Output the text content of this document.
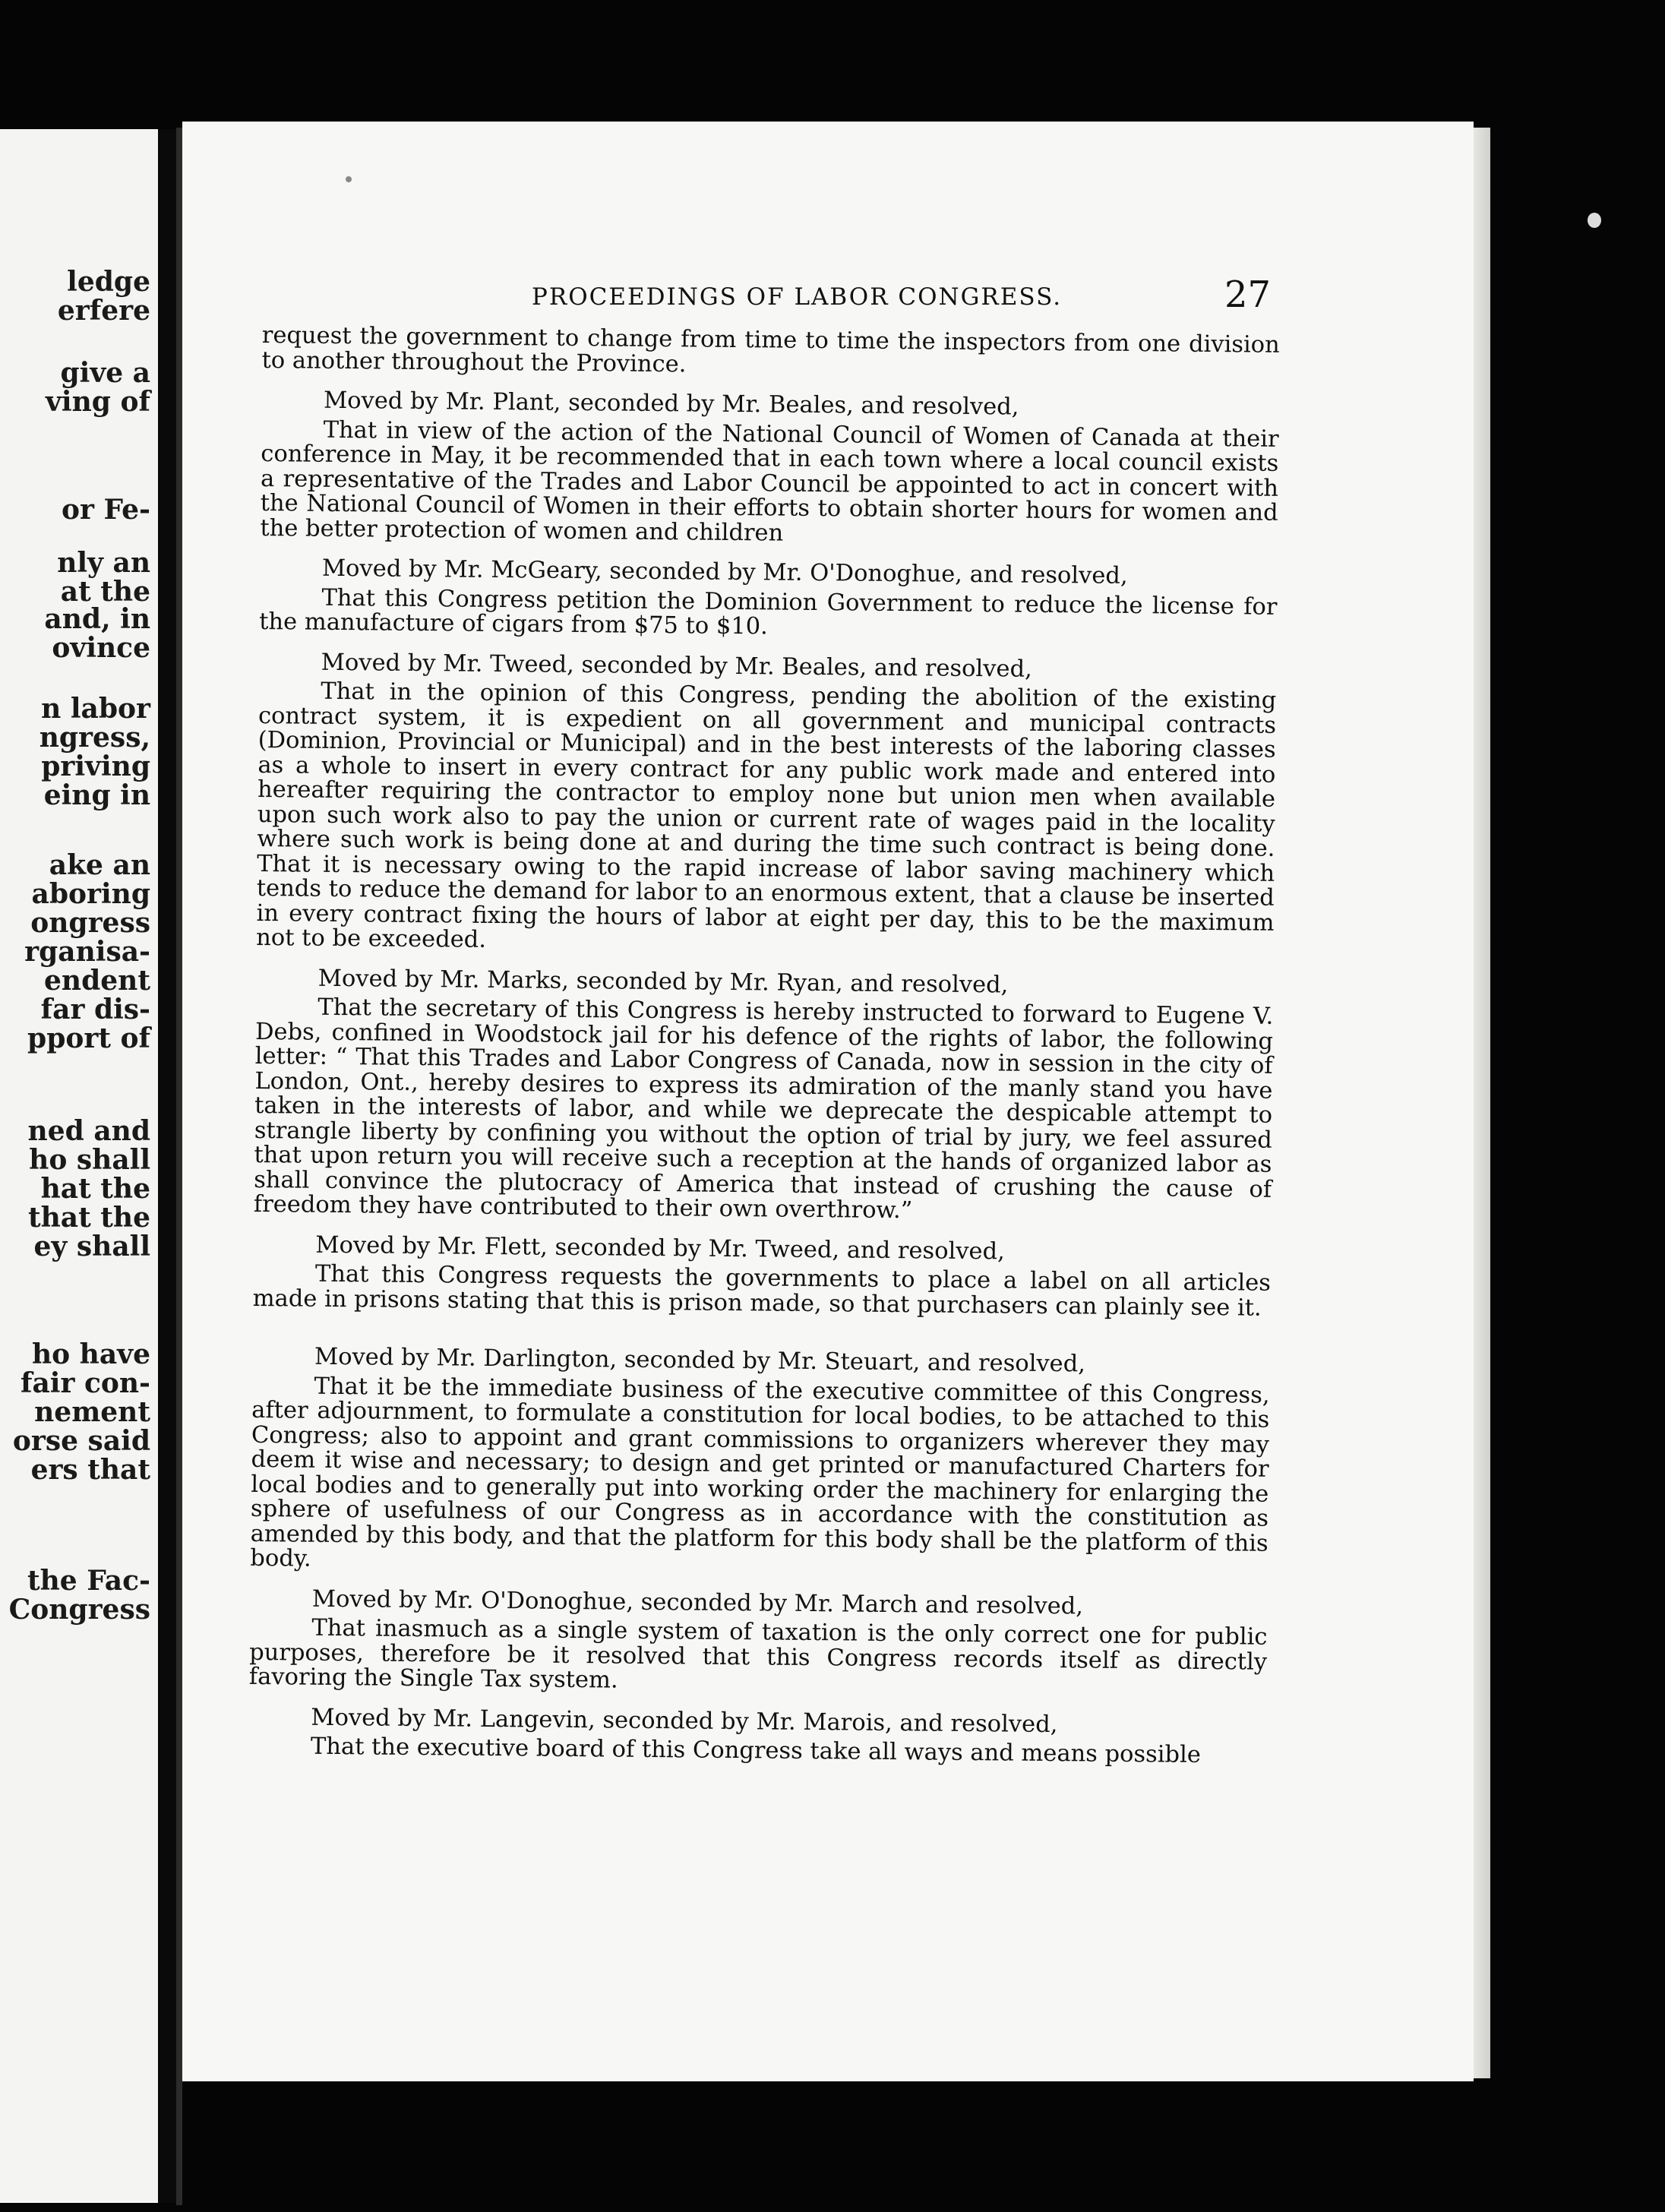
ledge
erfere
give a
ving of
or Fe-
nly an
at the
and, in
ovince
n labor
ngress,
priving
eing in
ake an
aboring
ongress
rganisa-
endent
far dis-
pport of
ned and
ho shall
hat the
that the
ey shall
ho have
fair con-
nement
orse said
ers that
the Fac-
Congress
PROCEEDINGS OF LABOR CONGRESS.	27

request the government to change from time to time the inspectors from one division to another throughout the Province.

Moved by Mr. Plant, seconded by Mr. Beales, and resolved,

That in view of the action of the National Council of Women of Canada at their conference in May, it be recommended that in each town where a local council exists a representative of the Trades and Labor Council be appointed to act in concert with the National Council of Women in their efforts to obtain shorter hours for women and the better protection of women and children

Moved by Mr. McGeary, seconded by Mr. O'Donoghue, and resolved,

That this Congress petition the Dominion Government to reduce the license for the manufacture of cigars from $75 to $10.

Moved by Mr. Tweed, seconded by Mr. Beales, and resolved,

That in the opinion of this Congress, pending the abolition of the existing contract system, it is expedient on all government and municipal contracts (Dominion, Provincial or Municipal) and in the best interests of the laboring classes as a whole to insert in every contract for any public work made and entered into hereafter requiring the contractor to employ none but union men when available upon such work also to pay the union or current rate of wages paid in the locality where such work is being done at and during the time such contract is being done. That it is necessary owing to the rapid increase of labor saving machinery which tends to reduce the demand for labor to an enormous extent, that a clause be inserted in every contract fixing the hours of labor at eight per day, this to be the maximum not to be exceeded.

Moved by Mr. Marks, seconded by Mr. Ryan, and resolved,

That the secretary of this Congress is hereby instructed to forward to Eugene V. Debs, confined in Woodstock jail for his defence of the rights of labor, the following letter: “ That this Trades and Labor Congress of Canada, now in session in the city of London, Ont., hereby desires to express its admiration of the manly stand you have taken in the interests of labor, and while we deprecate the despicable attempt to strangle liberty by confining you without the option of trial by jury, we feel assured that upon return you will receive such a reception at the hands of organized labor as shall convince the plutocracy of America that instead of crushing the cause of freedom they have contributed to their own overthrow.”

Moved by Mr. Flett, seconded by Mr. Tweed, and resolved,

That this Congress requests the governments to place a label on all articles made in prisons stating that this is prison made, so that purchasers can plainly see it.

Moved by Mr. Darlington, seconded by Mr. Steuart, and resolved,

That it be the immediate business of the executive committee of this Congress, after adjournment, to formulate a constitution for local bodies, to be attached to this Congress; also to appoint and grant commissions to organizers wherever they may deem it wise and necessary; to design and get printed or manufactured Charters for local bodies and to generally put into working order the machinery for enlarging the sphere of usefulness of our Congress as in accordance with the constitution as amended by this body, and that the platform for this body shall be the platform of this body.

Moved by Mr. O'Donoghue, seconded by Mr. March and resolved,

That inasmuch as a single system of taxation is the only correct one for public purposes, therefore be it resolved that this Congress records itself as directly favoring the Single Tax system.

Moved by Mr. Langevin, seconded by Mr. Marois, and resolved,

That the executive board of this Congress take all ways and means possible
